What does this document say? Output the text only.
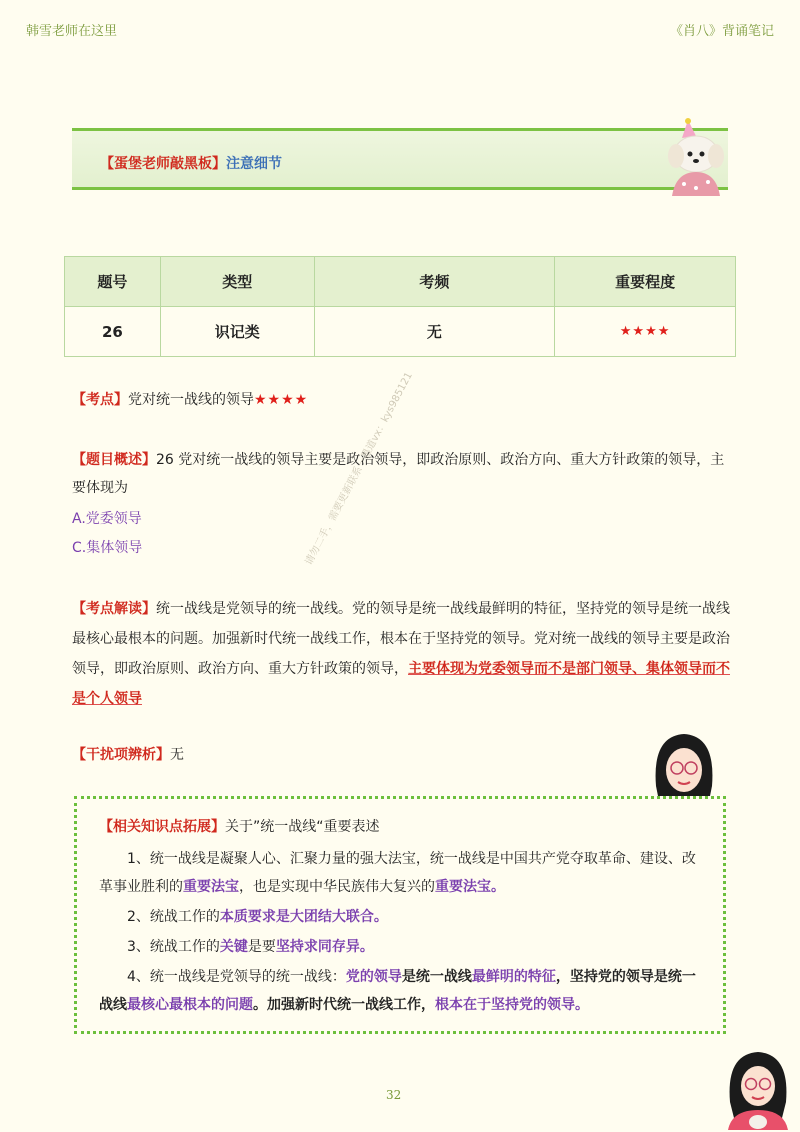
韩雪老师在这里	《肖八》背诵笔记
【蛋堡老师敲黑板】注意细节
题号	类型	考频	重要程度
26	识记类	无	★★★★
【考点】党对统一战线的领导★★★★
【题目概述】26 党对统一战线的领导主要是政治领导，即政治原则、政治方向、重大方针政策的领导，主要体现为
A.党委领导
C.集体领导
【考点解读】统一战线是党领导的统一战线。党的领导是统一战线最鲜明的特征，坚持党的领导是统一战线最核心最根本的问题。加强新时代统一战线工作，根本在于坚持党的领导。党对统一战线的领导主要是政治领导，即政治原则、政治方向、重大方针政策的领导，主要体现为党委领导而不是部门领导、集体领导而不是个人领导
【干扰项辨析】无
【相关知识点拓展】关于”统一战线“重要表述
1、统一战线是凝聚人心、汇聚力量的强大法宝，统一战线是中国共产党夺取革命、建设、改革事业胜利的重要法宝，也是实现中华民族伟大复兴的重要法宝。
2、统战工作的本质要求是大团结大联合。
3、统战工作的关键是要坚持求同存异。
4、统一战线是党领导的统一战线：党的领导是统一战线最鲜明的特征，坚持党的领导是统一战线最核心最根本的问题。加强新时代统一战线工作，根本在于坚持党的领导。
请勿二手，需要更新联系一墨道vx：kys985121
32
